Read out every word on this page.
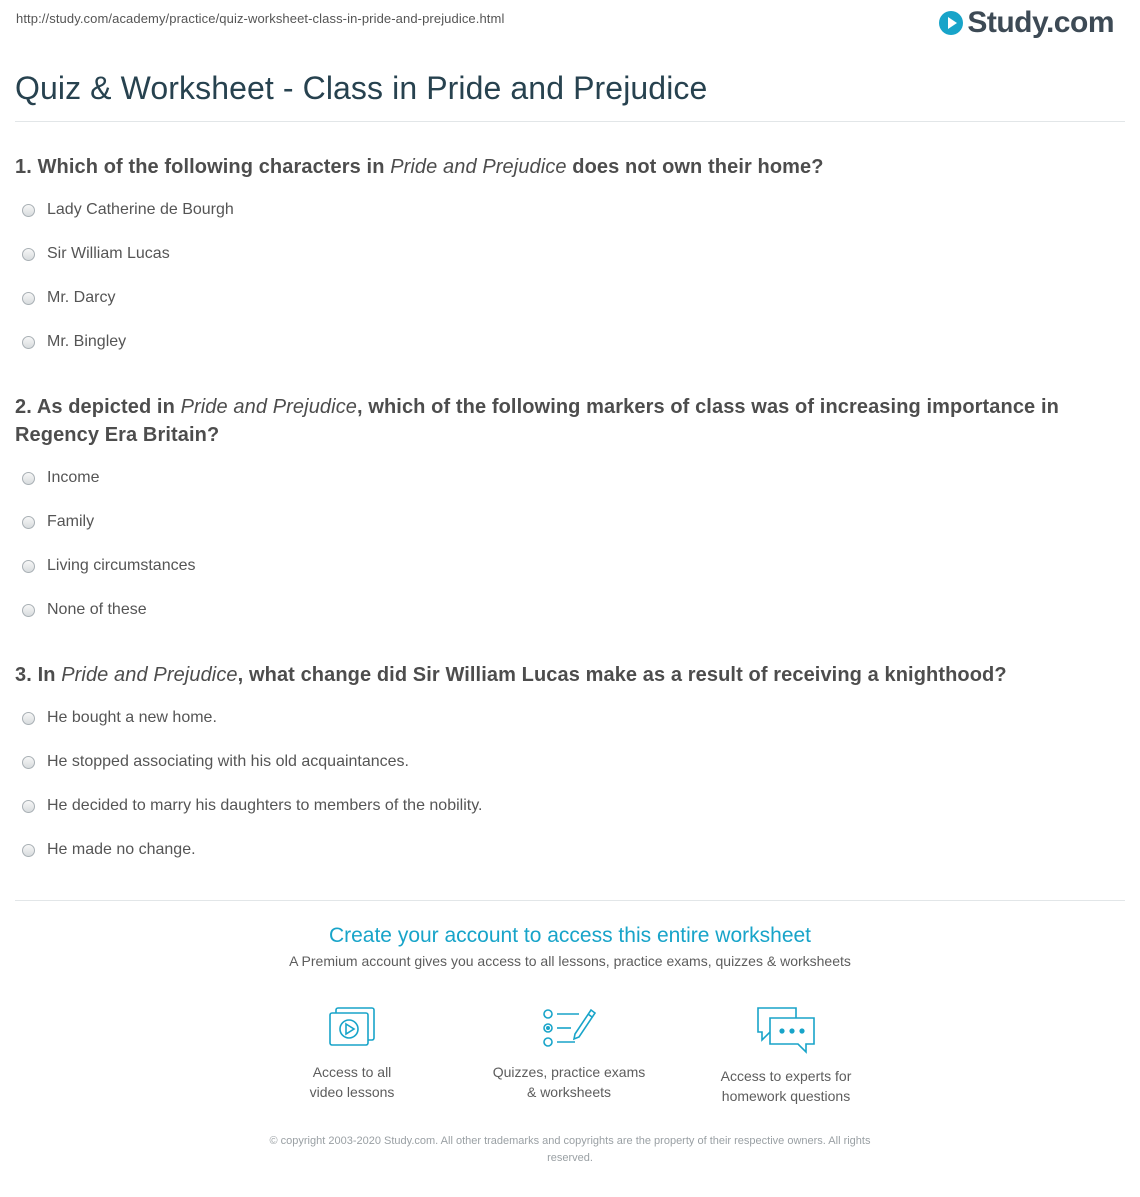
http://study.com/academy/practice/quiz-worksheet-class-in-pride-and-prejudice.html	Study.com
Quiz & Worksheet - Class in Pride and Prejudice
1. Which of the following characters in Pride and Prejudice does not own their home?
Lady Catherine de Bourgh
Sir William Lucas
Mr. Darcy
Mr. Bingley
2. As depicted in Pride and Prejudice, which of the following markers of class was of increasing importance in Regency Era Britain?
Income
Family
Living circumstances
None of these
3. In Pride and Prejudice, what change did Sir William Lucas make as a result of receiving a knighthood?
He bought a new home.
He stopped associating with his old acquaintances.
He decided to marry his daughters to members of the nobility.
He made no change.
Create your account to access this entire worksheet
A Premium account gives you access to all lessons, practice exams, quizzes & worksheets
Access to all
video lessons
Quizzes, practice exams
& worksheets
Access to experts for
homework questions
© copyright 2003-2020 Study.com. All other trademarks and copyrights are the property of their respective owners. All rights
reserved.
